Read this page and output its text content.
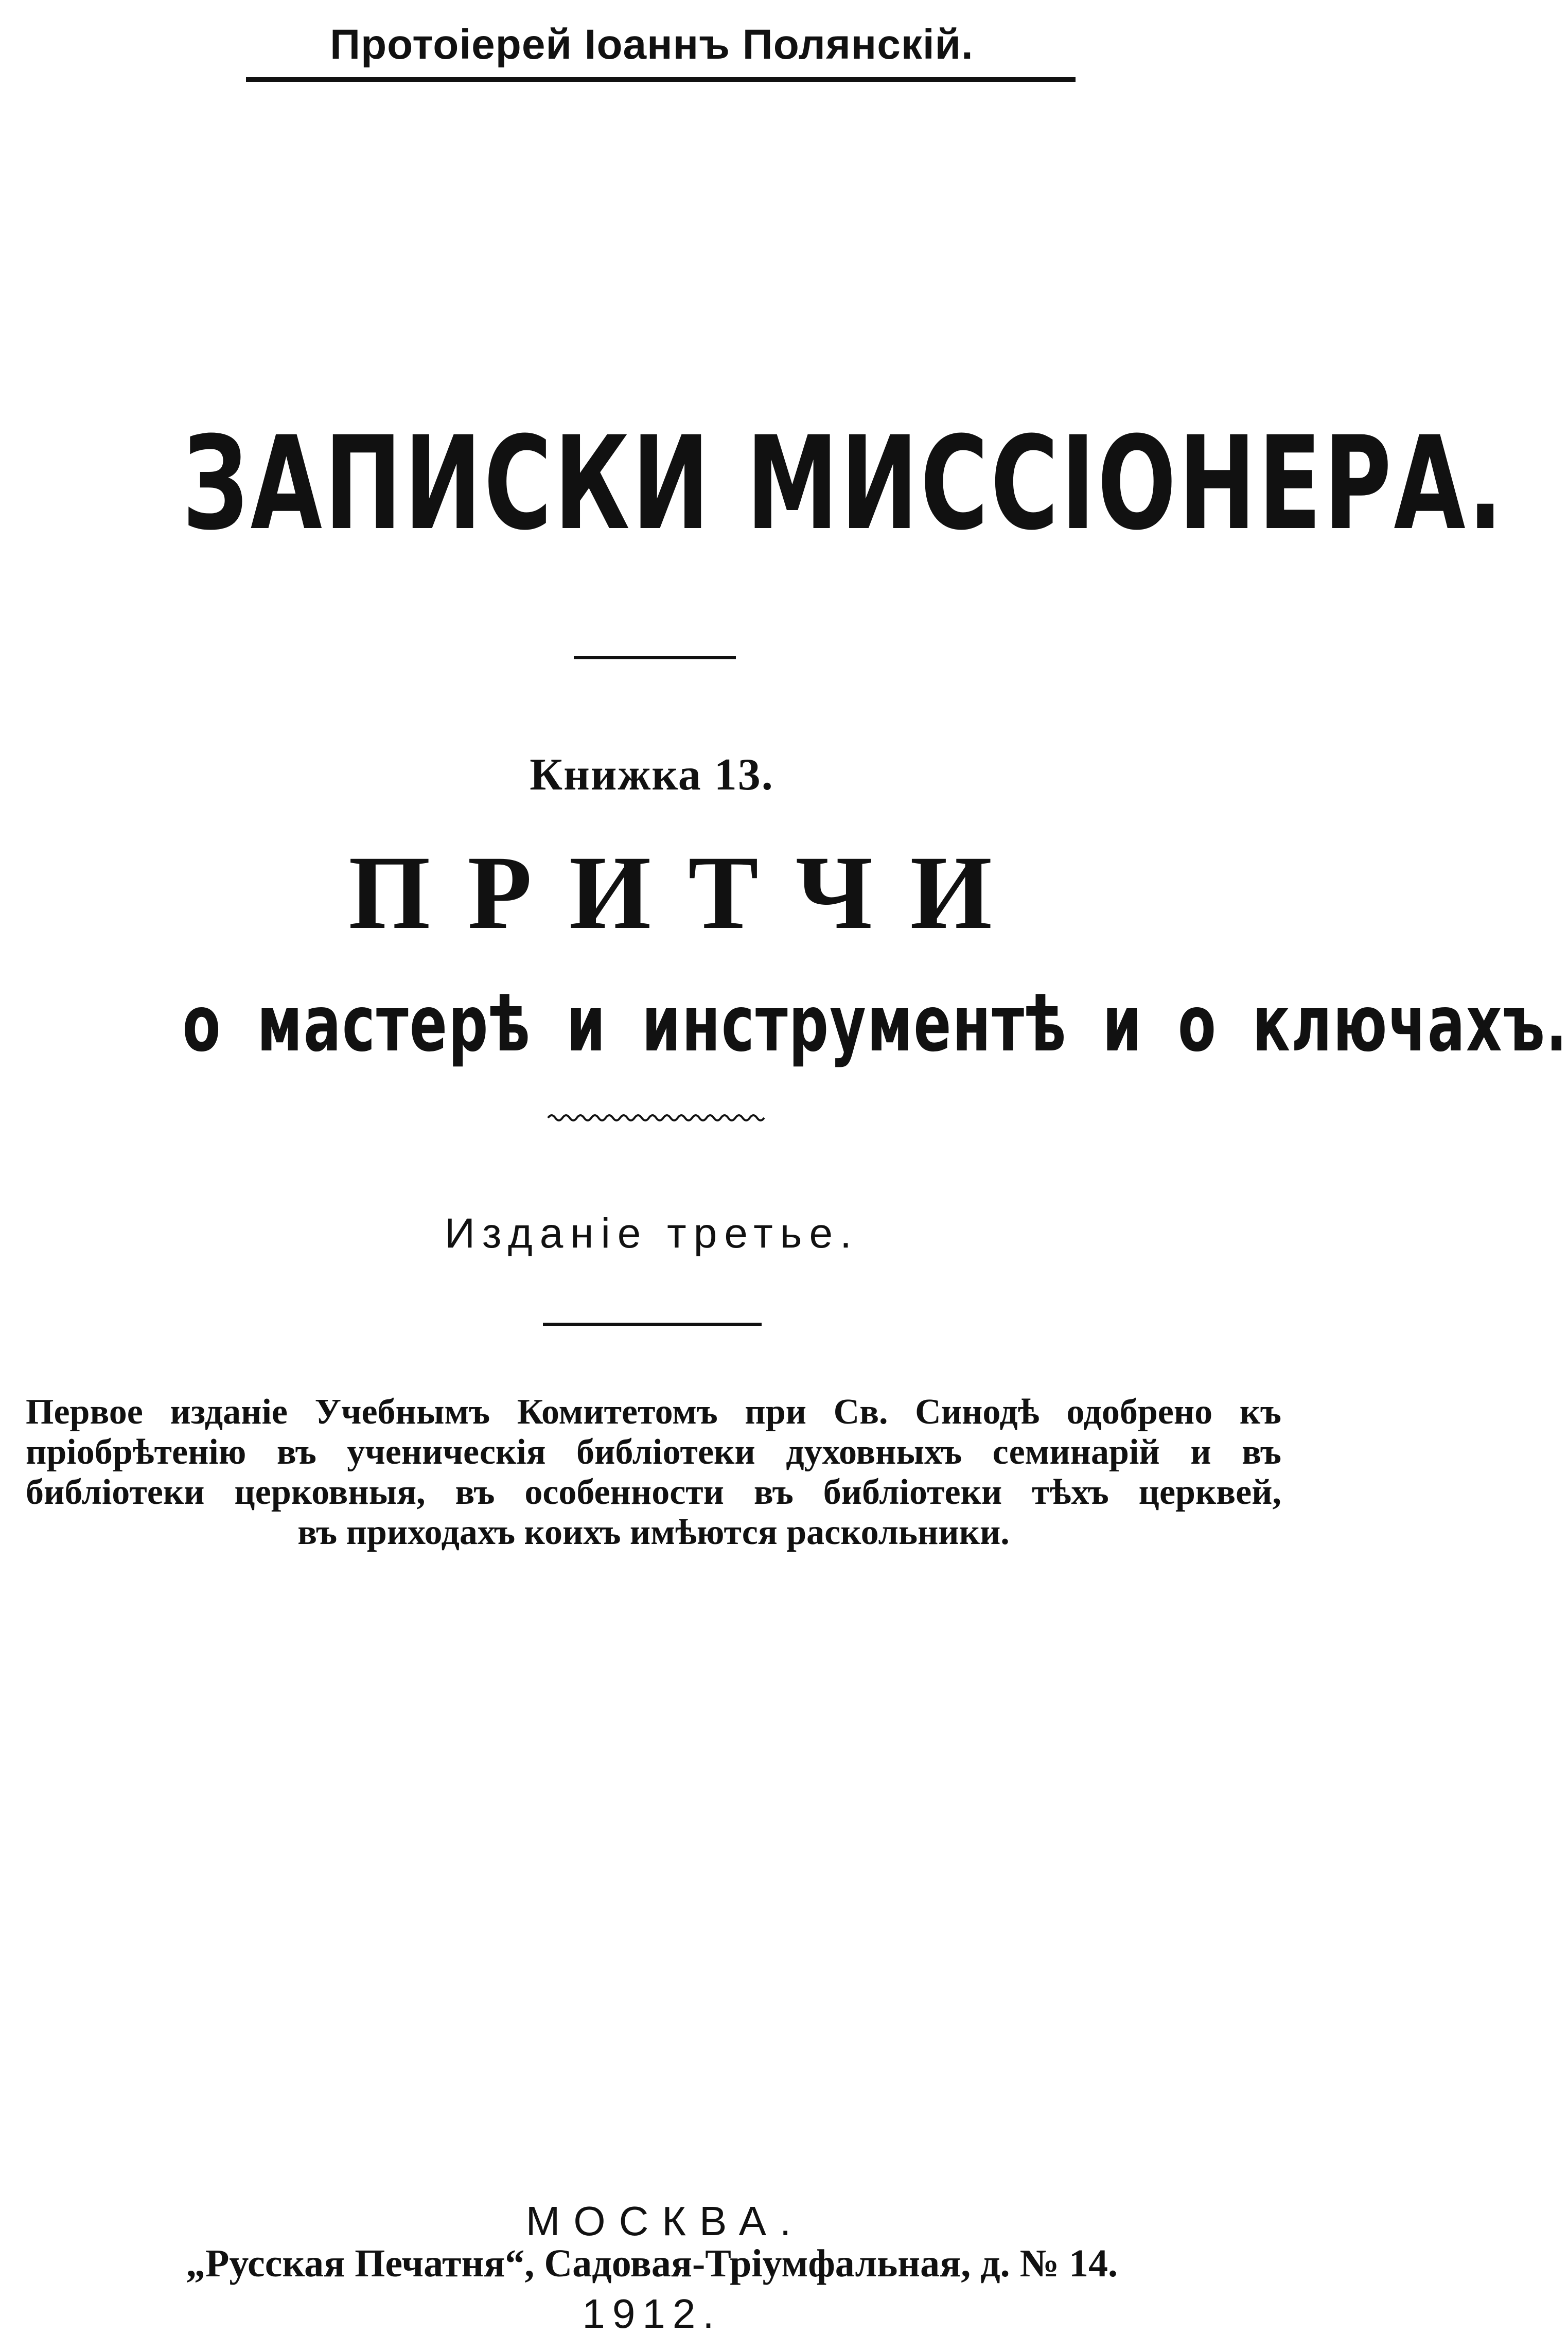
Протоiерей Iоаннъ Полянскiй.
ЗАПИСКИ МИССIОНЕРА.
Книжка 13.
ПРИТЧИ
о мастерѣ и инструментѣ и о ключахъ.
Изданiе третье.
Первое изданiе Учебнымъ Комитетомъ при Св. Синодѣ одобрено къ
прiобрѣтенiю въ ученическiя библiотеки духовныхъ семинарiй и въ
библiотеки церковныя, въ особенности въ библiотеки тѣхъ церквей,
въ приходахъ коихъ имѣются раскольники.
МОСКВА.
„Русская Печатня“, Садовая-Трiумфальная, д. № 14.
1912.
